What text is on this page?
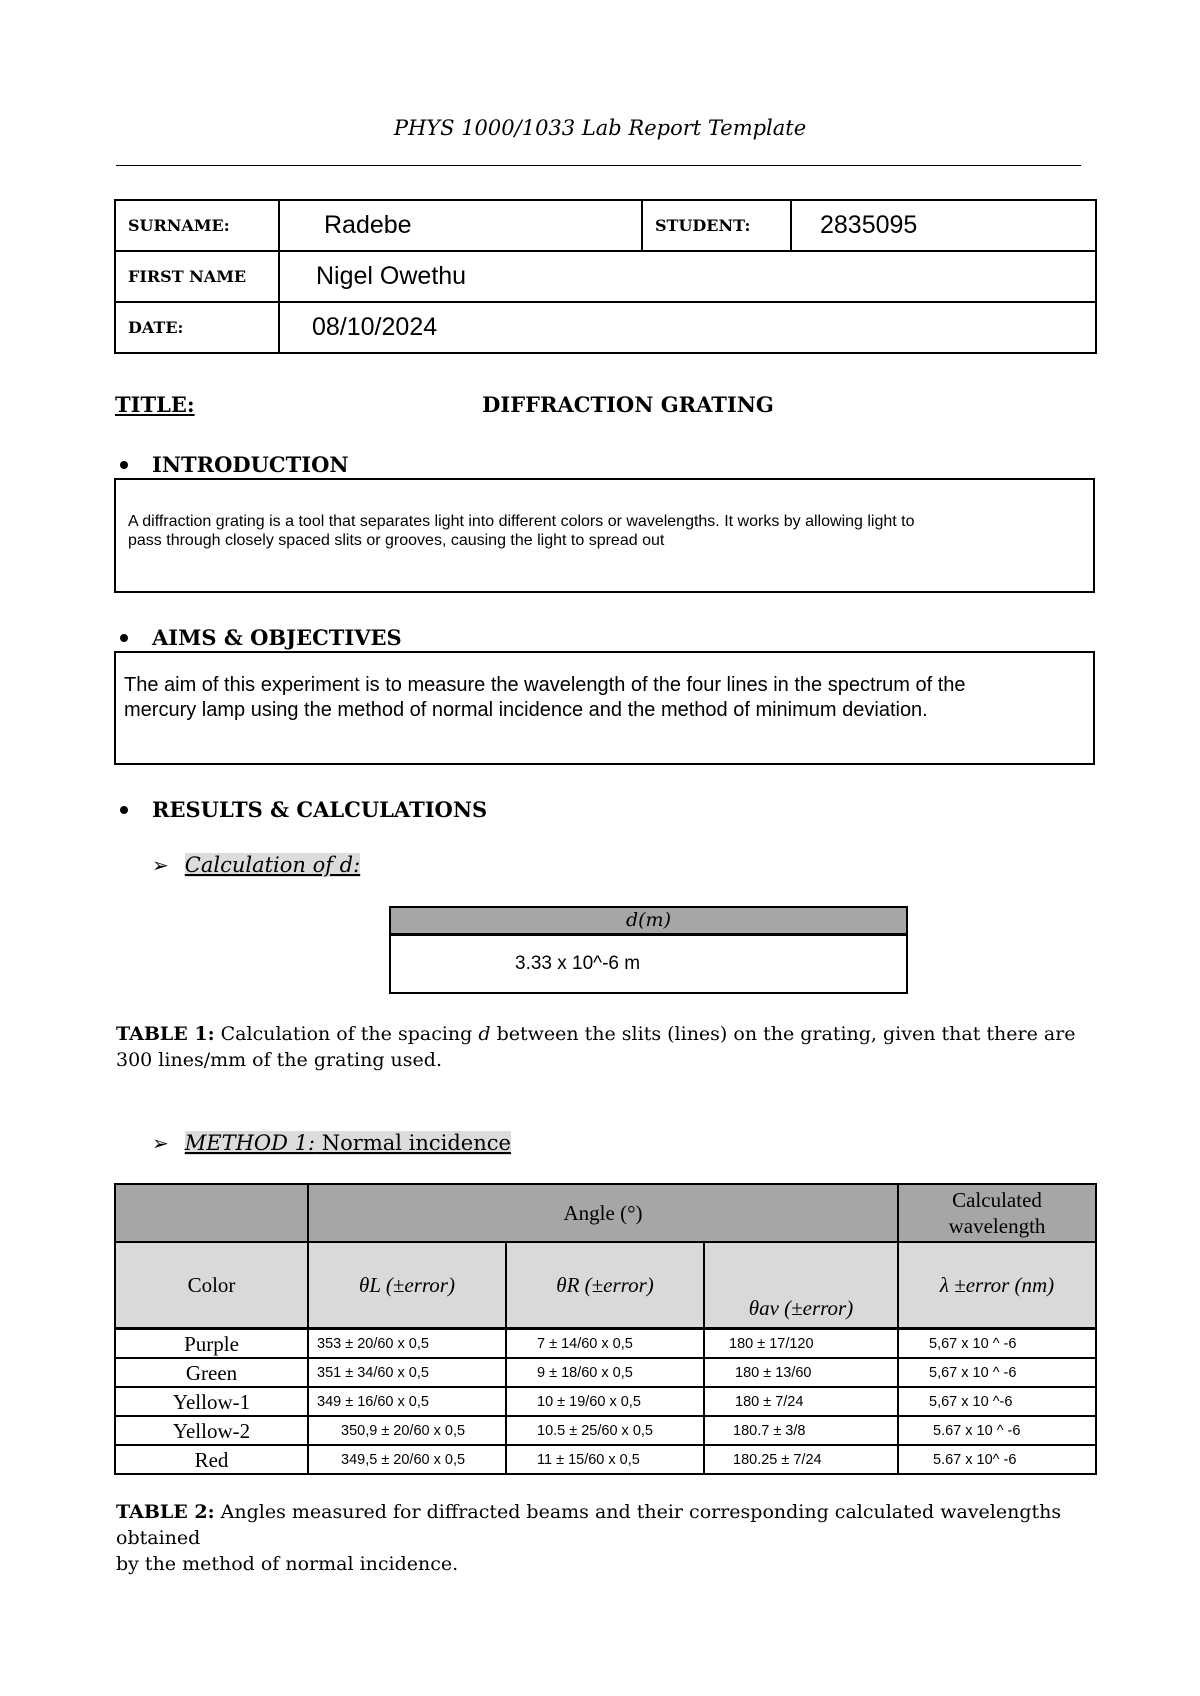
PHYS 1000/1033 Lab Report Template
SURNAME:	Radebe	STUDENT:	2835095
FIRST NAME	Nigel Owethu		
DATE:	08/10/2024		
TITLE:	DIFFRACTION GRATING
INTRODUCTION
A diffraction grating is a tool that separates light into different colors or wavelengths. It works by allowing light to
pass through closely spaced slits or grooves, causing the light to spread out
AIMS & OBJECTIVES
The aim of this experiment is to measure the wavelength of the four lines in the spectrum of the
mercury lamp using the method of normal incidence and the method of minimum deviation.
RESULTS & CALCULATIONS
➢ Calculation of d:
d(m)
3.33 x 10^-6 m
TABLE 1: Calculation of the spacing d between the slits (lines) on the grating, given that there are
300 lines/mm of the grating used.
➢ METHOD 1: Normal incidence
	Angle (°)			Calculated
wavelength

Color	θL (±error)	θR (±error)	θav (±error)	λ ±error (nm)
Purple	353 ± 20/60 x 0,5	7 ± 14/60 x 0,5	180 ± 17/120	5,67 x 10 ^ -6
Green	351 ± 34/60 x 0,5	9 ± 18/60 x 0,5	180 ± 13/60	5,67 x 10 ^ -6
Yellow-1	349 ± 16/60 x 0,5	10 ± 19/60 x 0,5	180 ± 7/24	5,67 x 10 ^-6
Yellow-2	350,9 ± 20/60 x 0,5	10.5 ± 25/60 x 0,5	180.7 ± 3/8	5.67 x 10 ^ -6
Red	349,5 ± 20/60 x 0,5	11 ± 15/60 x 0,5	180.25 ± 7/24	5.67 x 10^ -6
TABLE 2: Angles measured for diffracted beams and their corresponding calculated wavelengths obtained
by the method of normal incidence.
